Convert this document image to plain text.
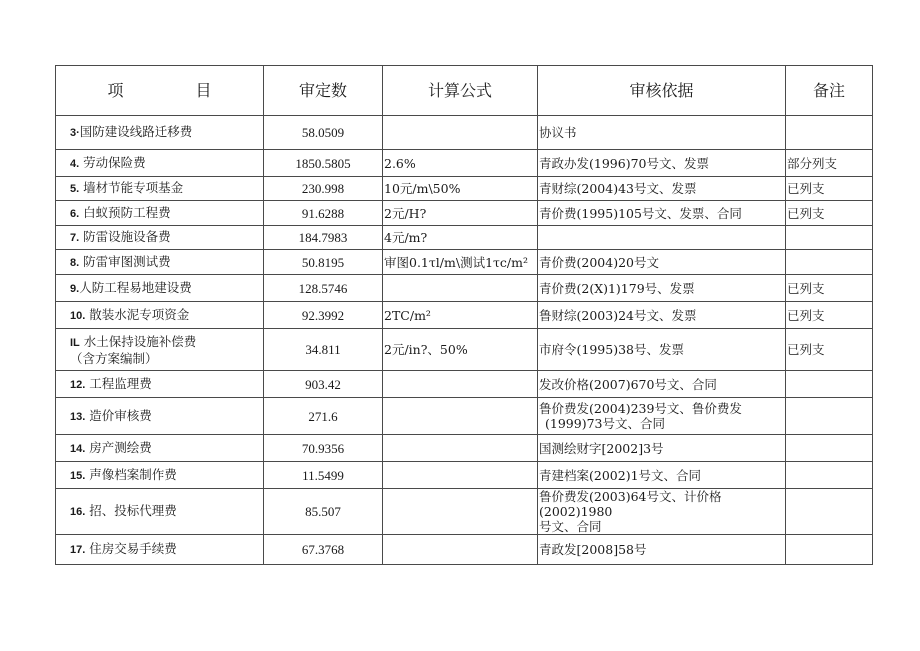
项 目	审定数	计算公式	审核依据	备注
3·国防建设线路迁移费	58.0509		协议书	
4. 劳动保险费	1850.5805	2.6%	青政办发(1996)70号文、发票	部分列支
5. 墙材节能专项基金	230.998	10元/m\50%	青财综(2004)43号文、发票	已列支
6. 白蚁预防工程费	91.6288	2元/H?	青价费(1995)105号文、发票、合同	已列支
7. 防雷设施设备费	184.7983	4元/m?		
8. 防雷审图测试费	50.8195	审图0.1τl/m\测试1τc/m²	青价费(2004)20号文	
9.人防工程易地建设费	128.5746		青价费(2(X)1)179号、发票	已列支
10. 散装水泥专项资金	92.3992	2TC/m²	鲁财综(2003)24号文、发票	已列支
IL 水土保持设施补偿费
（含方案编制）	34.811	2元/in?、50%	市府令(1995)38号、发票	已列支
12. 工程监理费	903.42		发改价格(2007)670号文、合同	
13. 造价审核费	271.6		鲁价费发(2004)239号文、鲁价费发
(1999)73号文、合同	
14. 房产测绘费	70.9356		国测绘财字[2002]3号	
15. 声像档案制作费	11.5499		青建档案(2002)1号文、合同	
16. 招、投标代理费	85.507		鲁价费发(2003)64号文、计价格(2002)1980
号文、合同	
17. 住房交易手续费	67.3768		青政发[2008]58号	
